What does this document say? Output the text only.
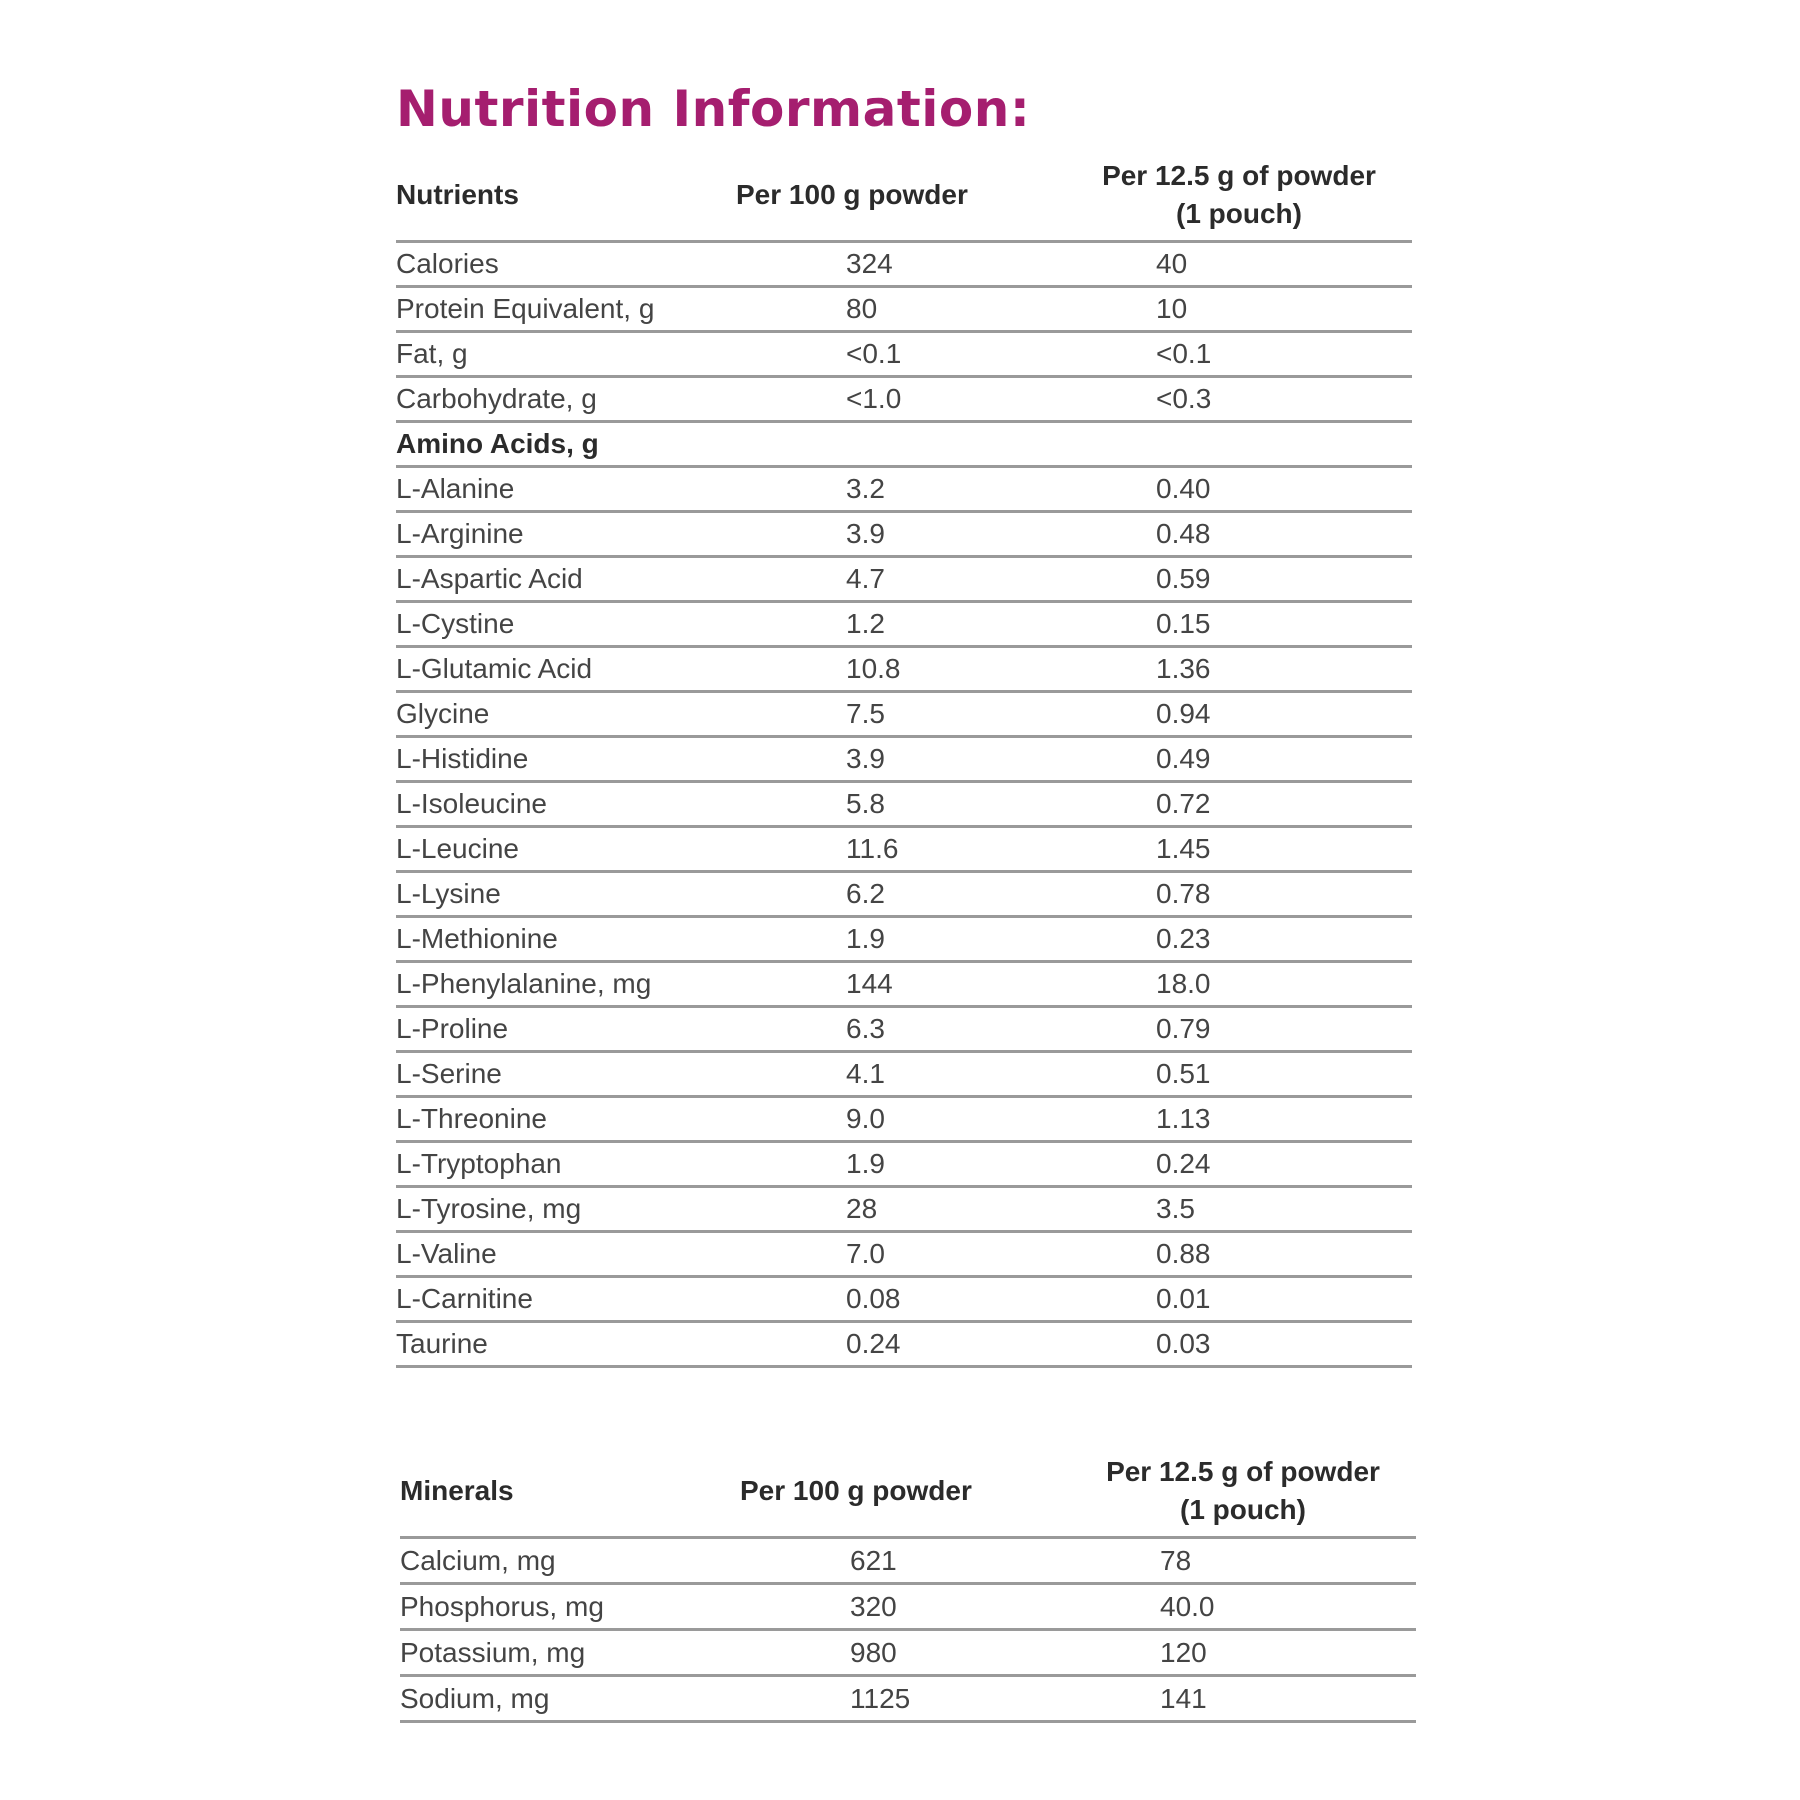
Nutrition Information:
Nutrients	Per 100 g powder	Per 12.5 g of powder
(1 pouch)

Calories	324	40
Protein Equivalent, g	80	10
Fat, g	<0.1	<0.1
Carbohydrate, g	<1.0	<0.3
Amino Acids, g		
L-Alanine	3.2	0.40
L-Arginine	3.9	0.48
L-Aspartic Acid	4.7	0.59
L-Cystine	1.2	0.15
L-Glutamic Acid	10.8	1.36
Glycine	7.5	0.94
L-Histidine	3.9	0.49
L-Isoleucine	5.8	0.72
L-Leucine	11.6	1.45
L-Lysine	6.2	0.78
L-Methionine	1.9	0.23
L-Phenylalanine, mg	144	18.0
L-Proline	6.3	0.79
L-Serine	4.1	0.51
L-Threonine	9.0	1.13
L-Tryptophan	1.9	0.24
L-Tyrosine, mg	28	3.5
L-Valine	7.0	0.88
L-Carnitine	0.08	0.01
Taurine	0.24	0.03
Minerals	Per 100 g powder	Per 12.5 g of powder
(1 pouch)

Calcium, mg	621	78
Phosphorus, mg	320	40.0
Potassium, mg	980	120
Sodium, mg	1125	141
